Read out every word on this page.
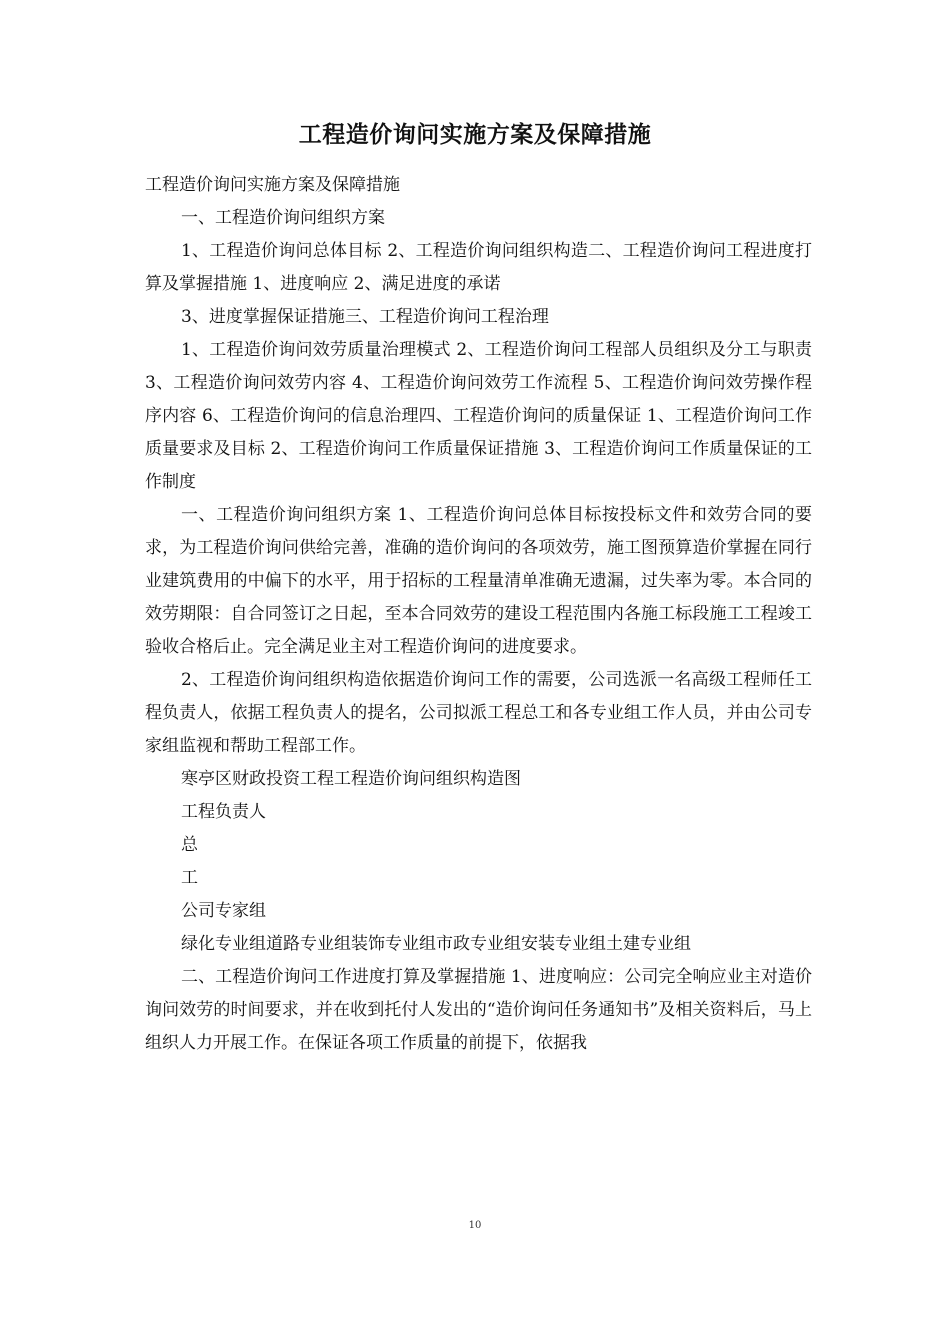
工程造价询问实施方案及保障措施

工程造价询问实施方案及保障措施

一、工程造价询问组织方案

1、工程造价询问总体目标 2、工程造价询问组织构造二、工程造价询问工程进度打算及掌握措施 1、进度响应 2、满足进度的承诺

3、进度掌握保证措施三、工程造价询问工程治理

1、工程造价询问效劳质量治理模式 2、工程造价询问工程部人员组织及分工与职责 3、工程造价询问效劳内容 4、工程造价询问效劳工作流程 5、工程造价询问效劳操作程序内容 6、工程造价询问的信息治理四、工程造价询问的质量保证 1、工程造价询问工作质量要求及目标 2、工程造价询问工作质量保证措施 3、工程造价询问工作质量保证的工作制度

一、工程造价询问组织方案 1、工程造价询问总体目标按投标文件和效劳合同的要求，为工程造价询问供给完善，准确的造价询问的各项效劳，施工图预算造价掌握在同行业建筑费用的中偏下的水平，用于招标的工程量清单准确无遗漏，过失率为零。本合同的效劳期限：自合同签订之日起，至本合同效劳的建设工程范围内各施工标段施工工程竣工验收合格后止。完全满足业主对工程造价询问的进度要求。

2、工程造价询问组织构造依据造价询问工作的需要，公司选派一名高级工程师任工程负责人，依据工程负责人的提名，公司拟派工程总工和各专业组工作人员，并由公司专家组监视和帮助工程部工作。

寒亭区财政投资工程工程造价询问组织构造图

工程负责人

总

工

公司专家组

绿化专业组道路专业组装饰专业组市政专业组安装专业组土建专业组

二、工程造价询问工作进度打算及掌握措施 1、进度响应：公司完全响应业主对造价询问效劳的时间要求，并在收到托付人发出的“造价询问任务通知书”及相关资料后，马上组织人力开展工作。在保证各项工作质量的前提下，依据我

10
